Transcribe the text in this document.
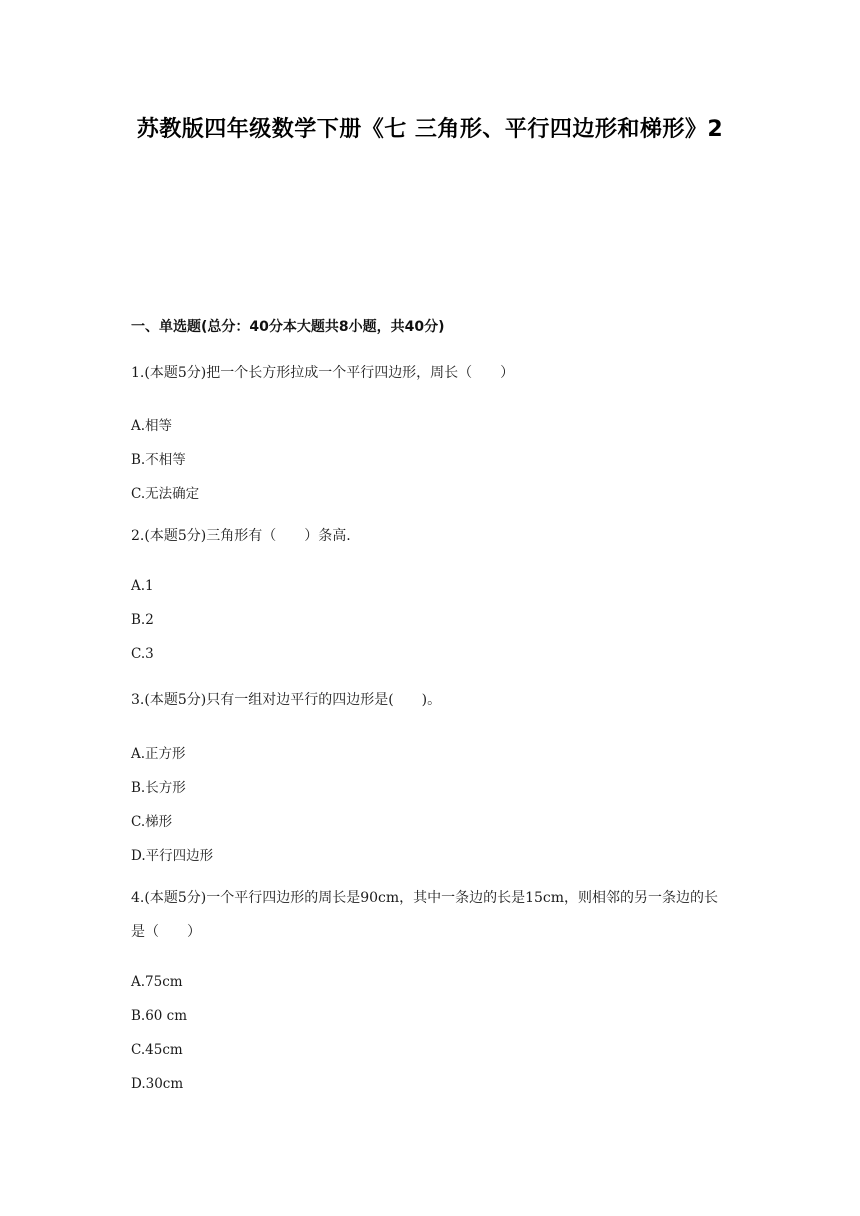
苏教版四年级数学下册《七 三角形、平行四边形和梯形》2
一、单选题(总分：40分本大题共8小题，共40分)
1.(本题5分)把一个长方形拉成一个平行四边形，周长（　　）
A.相等
B.不相等
C.无法确定
2.(本题5分)三角形有（　　）条高.
A.1
B.2
C.3
3.(本题5分)只有一组对边平行的四边形是(　　)。
A.正方形
B.长方形
C.梯形
D.平行四边形
4.(本题5分)一个平行四边形的周长是90cm，其中一条边的长是15cm，则相邻的另一条边的长是（　　）
A.75cm
B.60 cm
C.45cm
D.30cm
